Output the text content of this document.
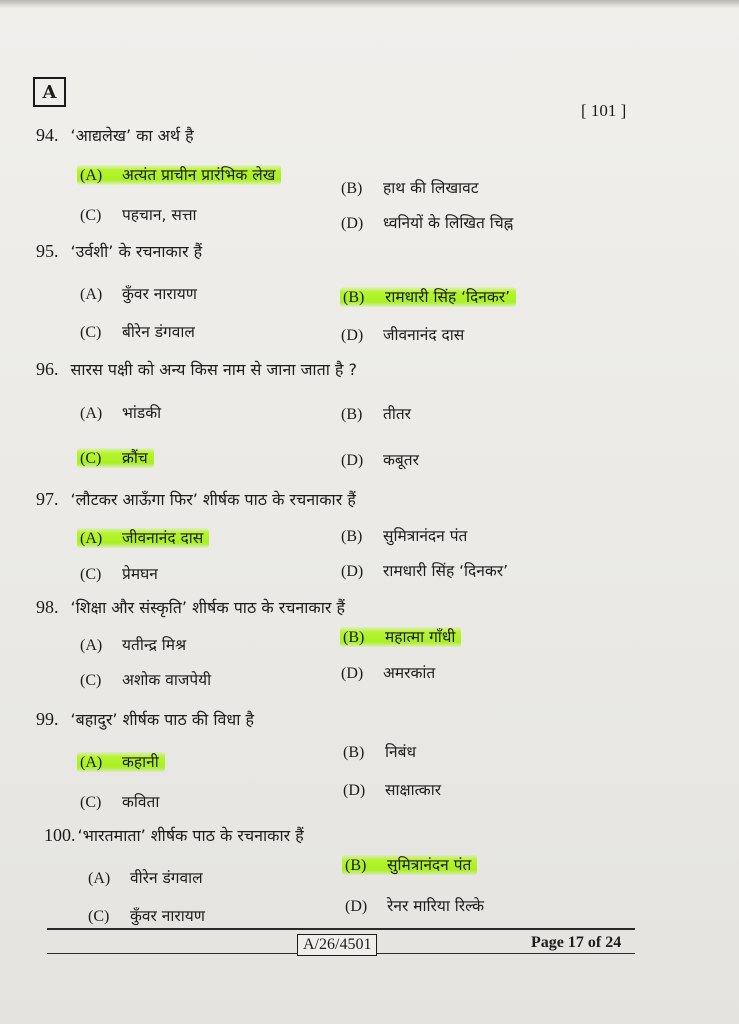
A
[ 101 ]
94. ‘आद्यलेख’ का अर्थ है
(A) अत्यंत प्राचीन प्रारंभिक लेख
(B) हाथ की लिखावट
(C) पहचान, सत्ता	(D) ध्वनियों के लिखित चिह्न
95. ‘उर्वशी’ के रचनाकार हैं
(A) कुँवर नारायण	(B) रामधारी सिंह ‘दिनकर’
(C) बीरेन डंगवाल	(D) जीवनानंद दास
96. सारस पक्षी को अन्य किस नाम से जाना जाता है ?
(A) भांडकी	(B) तीतर
(C) क्रौंच	(D) कबूतर
97. ‘लौटकर आऊँगा फिर’ शीर्षक पाठ के रचनाकार हैं
(A) जीवनानंद दास	(B) सुमित्रानंदन पंत
(C) प्रेमघन	(D) रामधारी सिंह ‘दिनकर’
98. ‘शिक्षा और संस्कृति’ शीर्षक पाठ के रचनाकार हैं
(A) यतीन्द्र मिश्र	(B) महात्मा गाँधी
(C) अशोक वाजपेयी	(D) अमरकांत
99. ‘बहादुर’ शीर्षक पाठ की विधा है
(A) कहानी
(B) निबंध
(C) कविता
(D) साक्षात्कार
100. ‘भारतमाता’ शीर्षक पाठ के रचनाकार हैं
(A) वीरेन डंगवाल
(B) सुमित्रानंदन पंत
(C) कुँवर नारायण
(D) रेनर मारिया रिल्के
A/26/4501	Page 17 of 24
